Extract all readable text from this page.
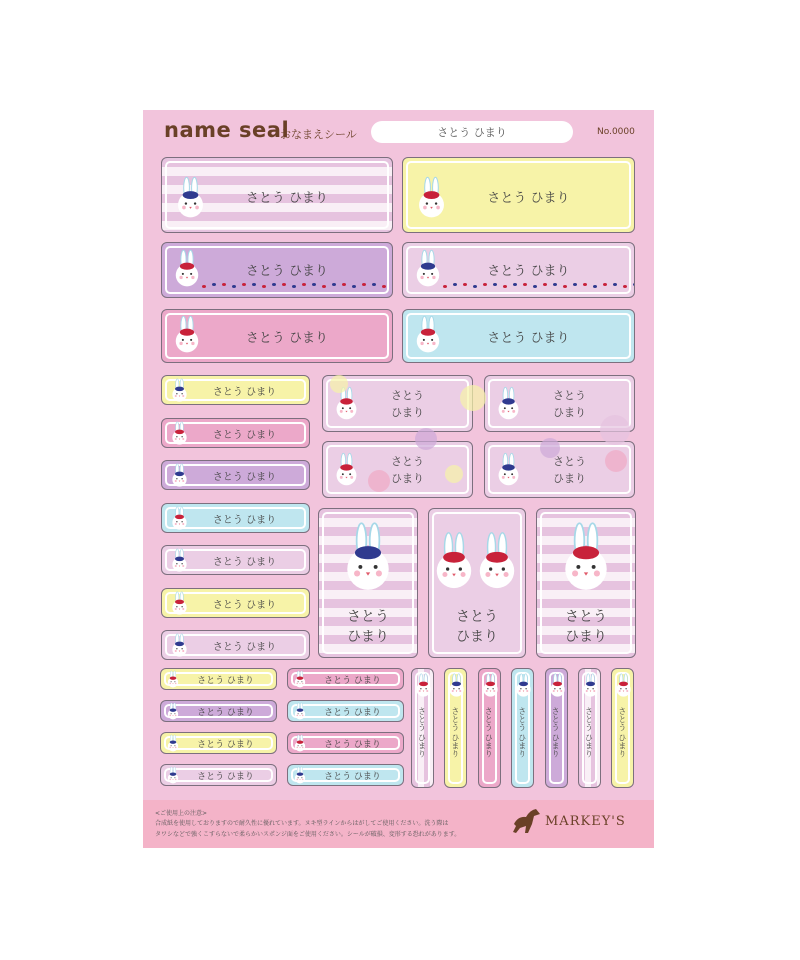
name seal
おなまえシール	さとう ひまり	No.0000
さとう ひまり	さとう ひまり
さとう ひまり	さとう ひまり
さとう ひまり	さとう ひまり
さとう ひまり
さとう ひまり
さとう ひまり
さとう ひまり
さとう ひまり
さとう ひまり
さとう ひまり
さとう
ひまり
さとう
ひまり
さとう
ひまり
さとう
ひまり
さとう
ひまり
さとう
ひまり
さとう
ひまり
さとう ひまり	さとう ひまり
さとう ひまり	さとう ひまり
さとう ひまり	さとう ひまり
さとう ひまり	さとう ひまり
さとう ひまり	さとう ひまり	さとう ひまり	さとう ひまり	さとう ひまり	さとう ひまり	さとう ひまり
<ご使用上の注意>
合成紙を使用しておりますので耐久性に優れています。ヌキ型ラインからはがしてご使用ください。洗う際は
タワシなどで強くこすらないで柔らかいスポンジ面をご使用ください。シールが破損、変形する恐れがあります。
MARKEY'S
